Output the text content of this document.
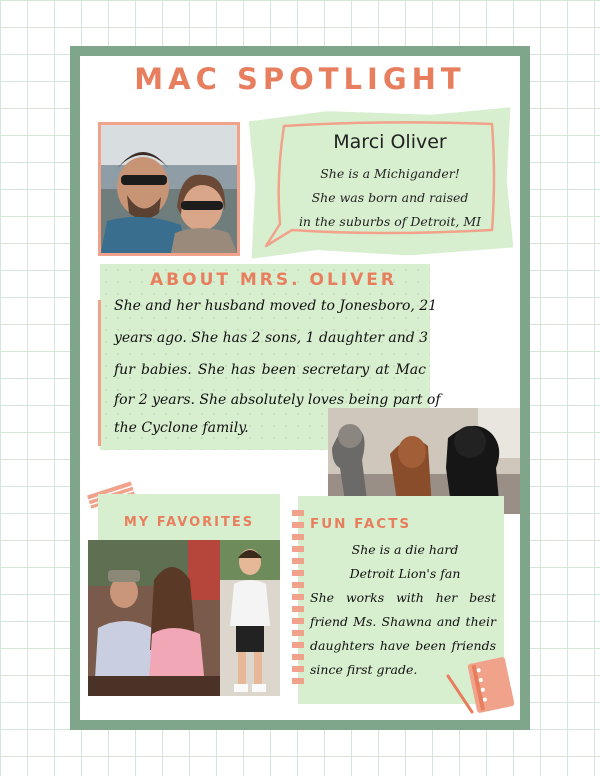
MAC SPOTLIGHT
Marci Oliver
She is a Michigander!
She was born and raised
in the suburbs of Detroit, MI
ABOUT MRS. OLIVER
She and her husband moved to Jonesboro, 21
years ago. She has 2 sons, 1 daughter and 3
fur babies. She has been secretary at Mac
for 2 years. She absolutely loves being part of
the Cyclone family.
MY FAVORITES	FUN FACTS
She is a die hard
Detroit Lion's fan
She works with her best
friend Ms. Shawna and their
daughters have been friends
since first grade.
